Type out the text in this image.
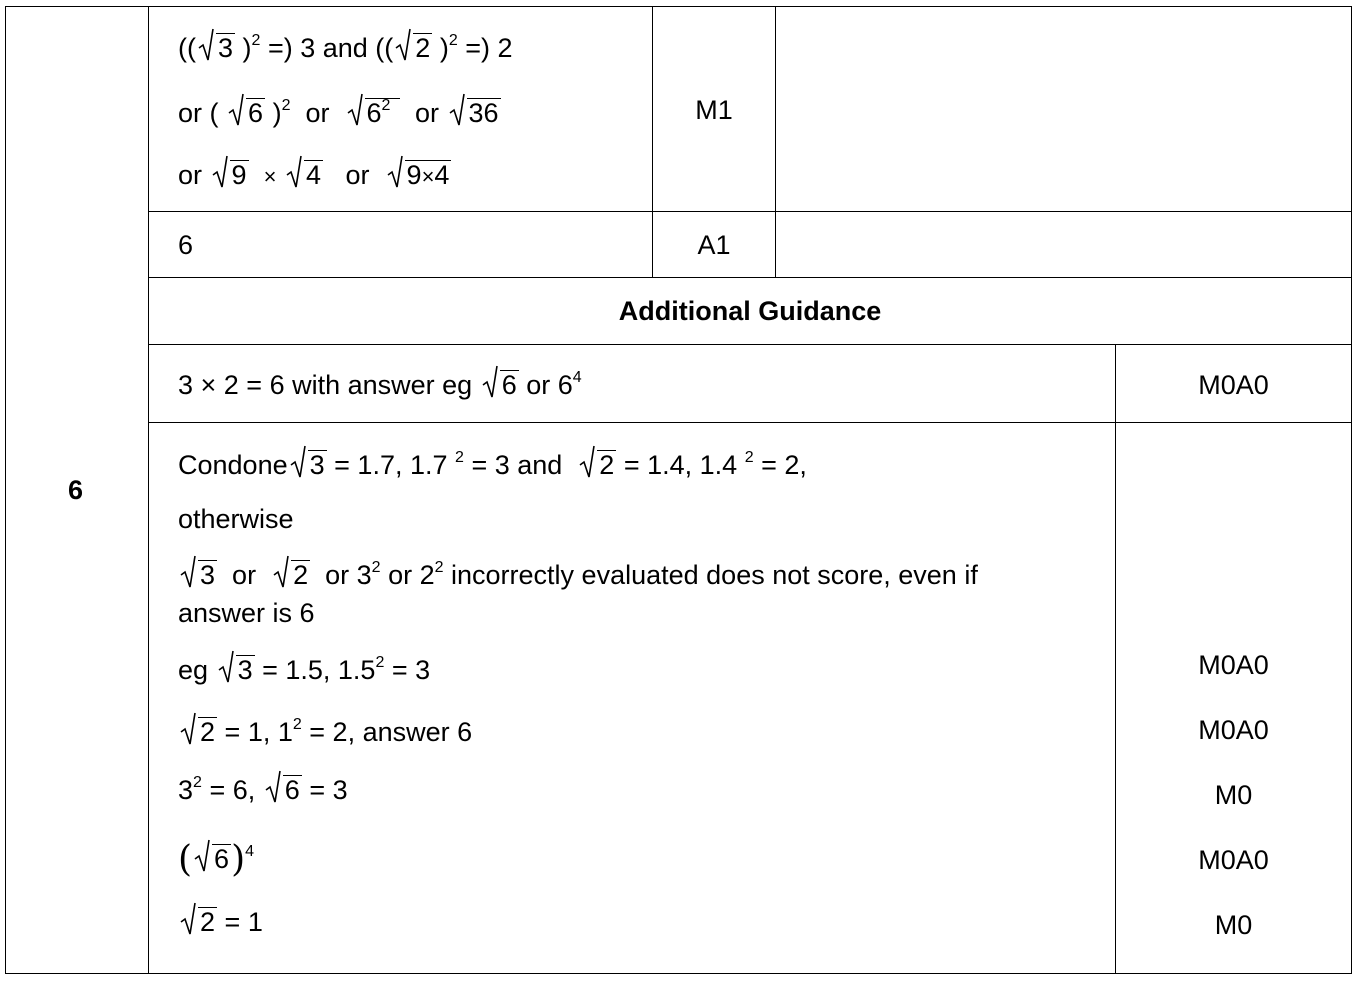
6
(( 3 )$^2$ =) 3 and (( 2 )$^2$ =) 2
or ( 6 )$^2$ or $6^2$ or 36
or 9 × 4 or 9×4
M1
6	A1
Additional Guidance
3 × 2 = 6 with answer eg 6 or $6^4$	M0A0
Condone 3 = 1.7, 1.7 $^2$ = 3 and 2 = 1.4, 1.4 $^2$ = 2,
otherwise
3 or 2 or $3^2$ or $2^2$ incorrectly evaluated does not score, even if
answer is 6
eg 3 = 1.5, $1.5^2 = 3$	M0A0
2 = 1, $1^2 = 2$, answer 6	M0A0
$3^2 = 6$, 6 = 3	M0
( 6)$^4$	M0A0
2 = 1	M0
